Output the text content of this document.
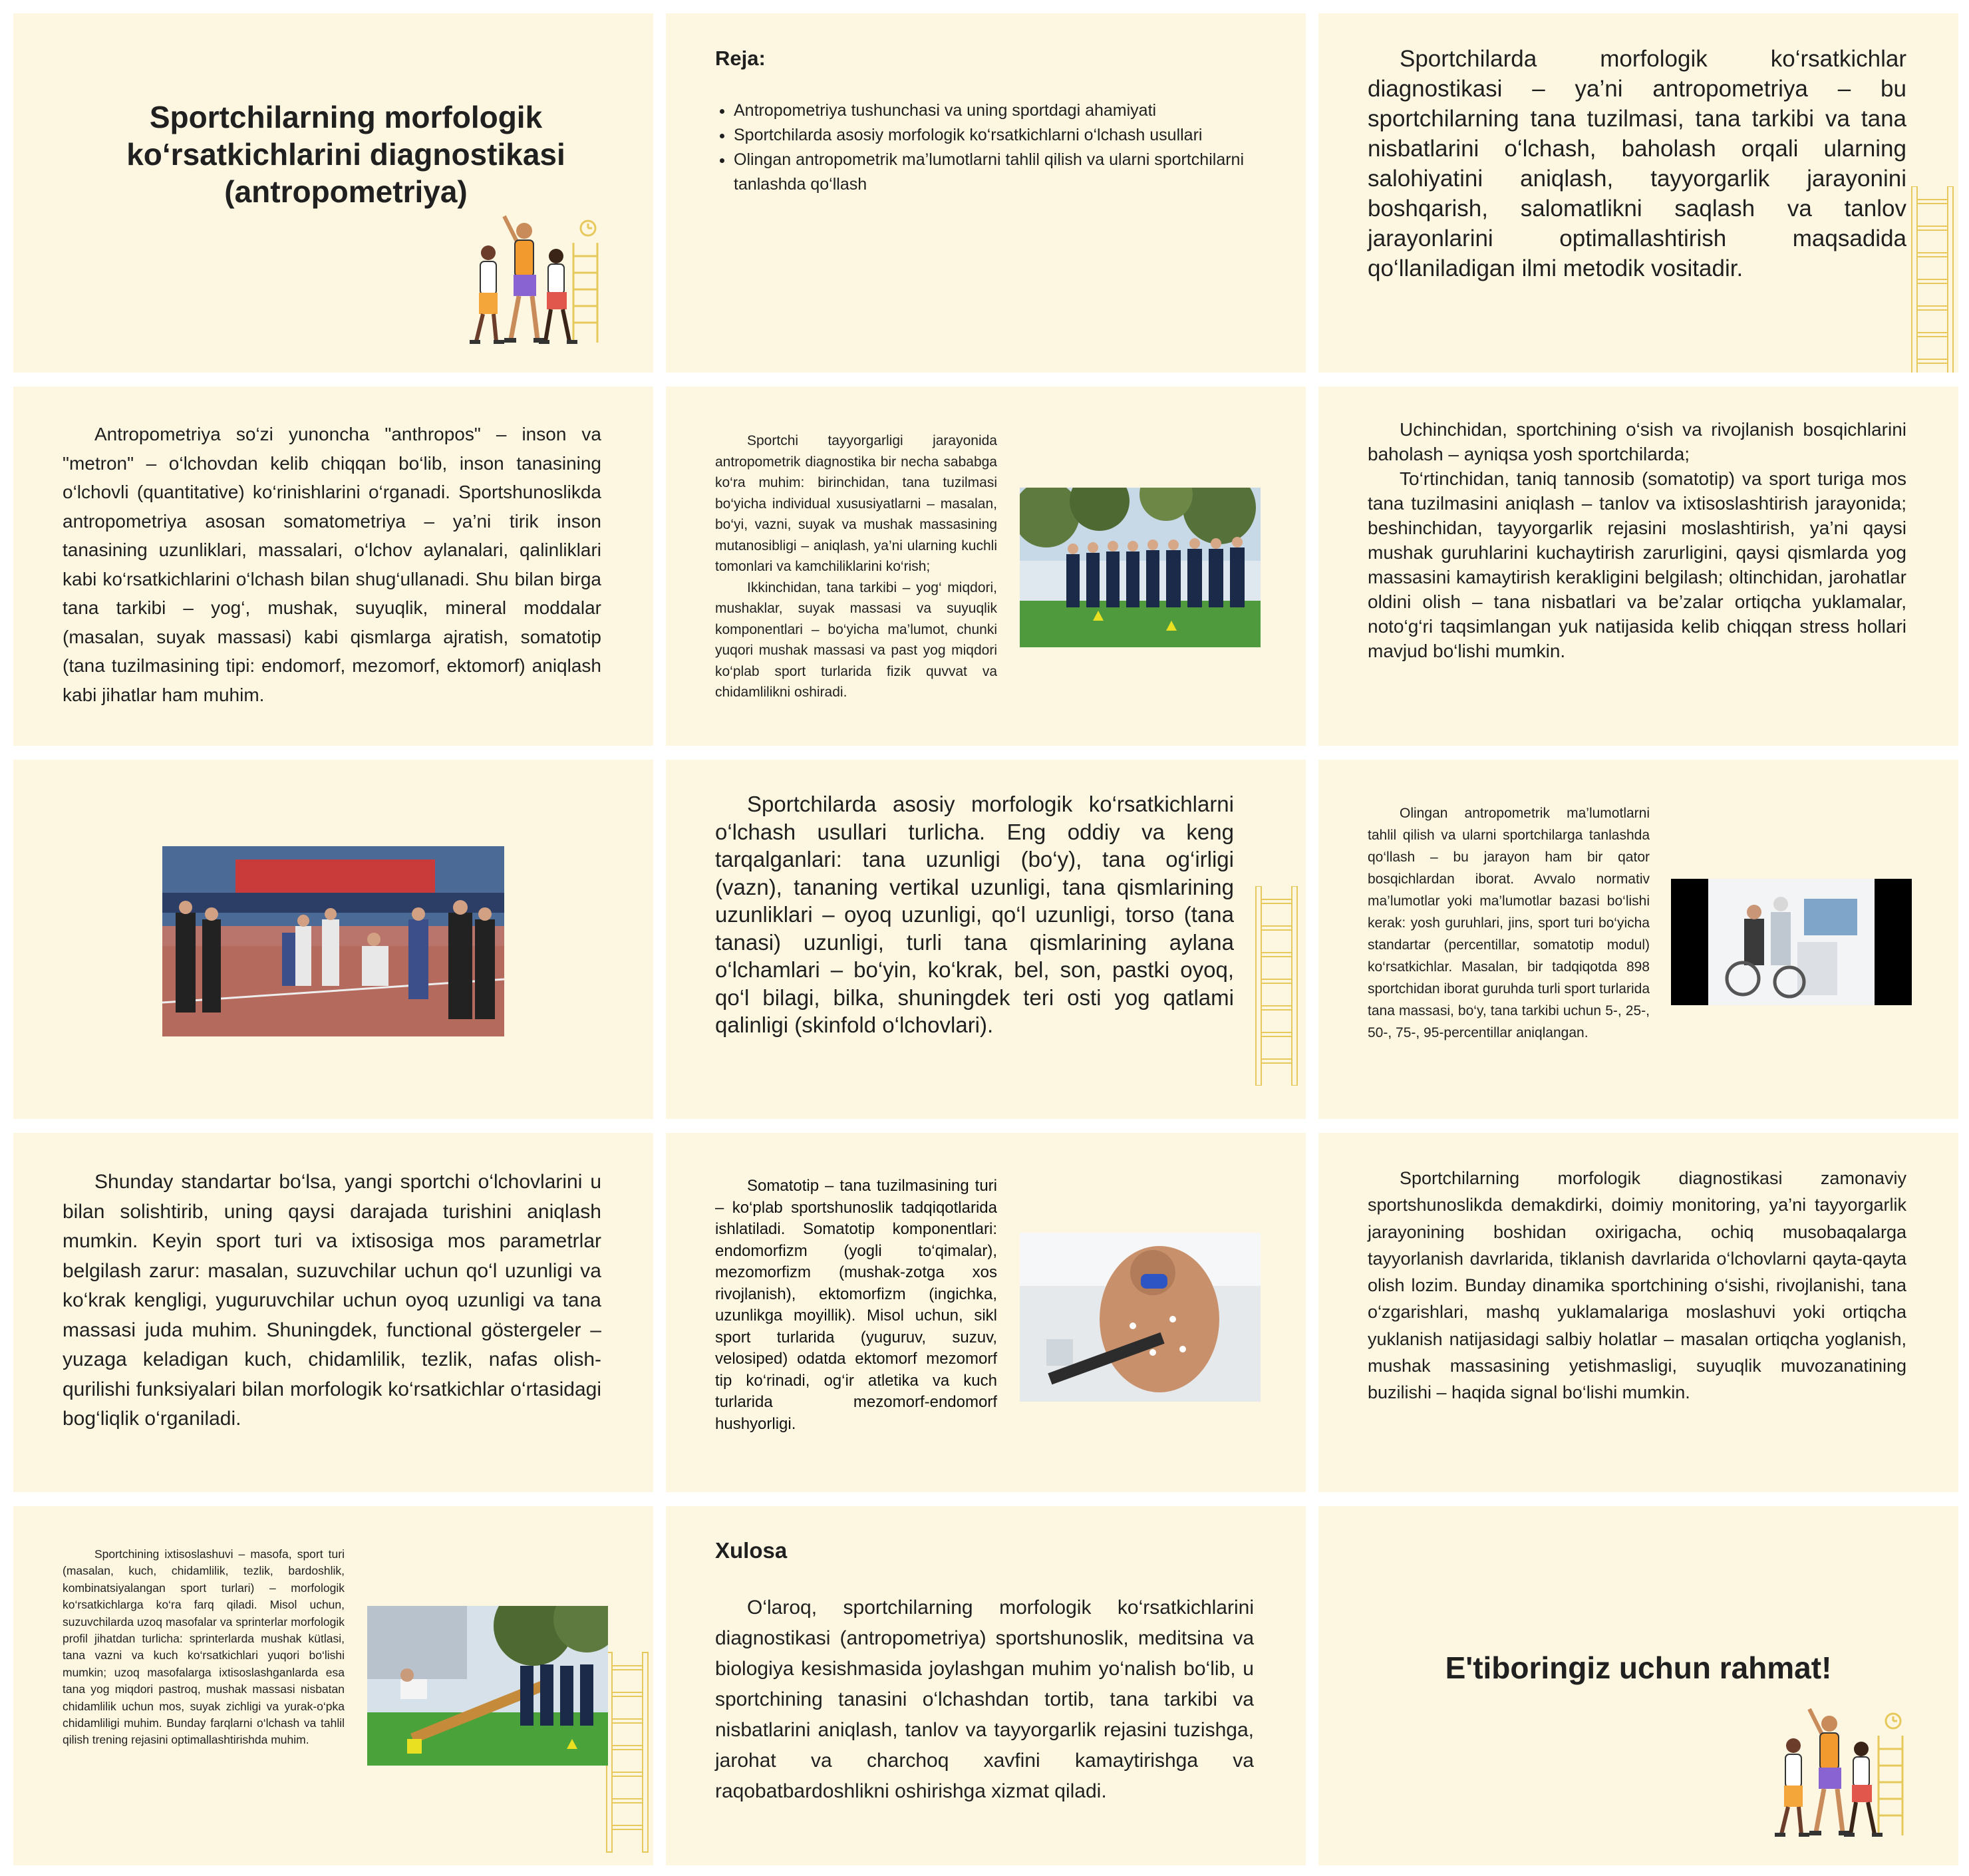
Sportchilarning morfologik ko‘rsatkichlarini diagnostikasi (antropometriya)
Reja:
• Antropometriya tushunchasi va uning sportdagi ahamiyati
• Sportchilarda asosiy morfologik ko‘rsatkichlarni o‘lchash usullari
• Olingan antropometrik ma’lumotlarni tahlil qilish va ularni sportchilarni tanlashda qo‘llash

Sportchilarda morfologik ko‘rsatkichlar diagnostikasi – ya’ni antropometriya – bu sportchilarning tana tuzilmasi, tana tarkibi va tana nisbatlarini o‘lchash, baholash orqali ularning salohiyatini aniqlash, tayyorgarlik jarayonini boshqarish, salomatlikni saqlash va tanlov jarayonlarini optimallashtirish maqsadida qo‘llaniladigan ilmi metodik vositadir.

Antropometriya so‘zi yunoncha "anthropos" – inson va "metron" – o‘lchovdan kelib chiqqan bo‘lib, inson tanasining o‘lchovli (quantitative) ko‘rinishlarini o‘rganadi. Sportshunoslikda antropometriya asosan somatometriya – ya’ni tirik inson tanasining uzunliklari, massalari, o‘lchov aylanalari, qalinliklari kabi ko‘rsatkichlarini o‘lchash bilan shug‘ullanadi. Shu bilan birga tana tarkibi – yog‘, mushak, suyuqlik, mineral moddalar (masalan, suyak massasi) kabi qismlarga ajratish, somatotip (tana tuzilmasining tipi: endomorf, mezomorf, ektomorf) aniqlash kabi jihatlar ham muhim.

Sportchi tayyorgarligi jarayonida antropometrik diagnostika bir necha sababga ko‘ra muhim: birinchidan, tana tuzilmasi bo‘yicha individual xususiyatlarni – masalan, bo‘yi, vazni, suyak va mushak massasining mutanosibligi – aniqlash, ya’ni ularning kuchli tomonlari va kamchiliklarini ko‘rish;

Ikkinchidan, tana tarkibi – yog‘ miqdori, mushaklar, suyak massasi va suyuqlik komponentlari – bo‘yicha ma’lumot, chunki yuqori mushak massasi va past yog miqdori ko‘plab sport turlarida fizik quvvat va chidamlilikni oshiradi.

Uchinchidan, sportchining o‘sish va rivojlanish bosqichlarini baholash – ayniqsa yosh sportchilarda;

To‘rtinchidan, taniq tannosib (somatotip) va sport turiga mos tana tuzilmasini aniqlash – tanlov va ixtisoslashtirish jarayonida; beshinchidan, tayyorgarlik rejasini moslashtirish, ya’ni qaysi mushak guruhlarini kuchaytirish zarurligini, qaysi qismlarda yog massasini kamaytirish kerakligini belgilash; oltinchidan, jarohatlar oldini olish – tana nisbatlari va be’zalar ortiqcha yuklamalar, noto‘g‘ri taqsimlangan yuk natijasida kelib chiqqan stress hollari mavjud bo‘lishi mumkin.

Sportchilarda asosiy morfologik ko‘rsatkichlarni o‘lchash usullari turlicha. Eng oddiy va keng tarqalganlari: tana uzunligi (bo‘y), tana og‘irligi (vazn), tananing vertikal uzunligi, tana qismlarining uzunliklari – oyoq uzunligi, qo‘l uzunligi, torso (tana tanasi) uzunligi, turli tana qismlarining aylana o‘lchamlari – bo‘yin, ko‘krak, bel, son, pastki oyoq, qo‘l bilagi, bilka, shuningdek teri osti yog qatlami qalinligi (skinfold o‘lchovlari).

Olingan antropometrik ma’lumotlarni tahlil qilish va ularni sportchilarga tanlashda qo‘llash – bu jarayon ham bir qator bosqichlardan iborat. Avvalo normativ ma’lumotlar yoki ma’lumotlar bazasi bo‘lishi kerak: yosh guruhlari, jins, sport turi bo‘yicha standartar (percentillar, somatotip modul) ko‘rsatkichlar. Masalan, bir tadqiqotda 898 sportchidan iborat guruhda turli sport turlarida tana massasi, bo‘y, tana tarkibi uchun 5-, 25-, 50-, 75-, 95-percentillar aniqlangan.

Shunday standartar bo‘lsa, yangi sportchi o‘lchovlarini u bilan solishtirib, uning qaysi darajada turishini aniqlash mumkin. Keyin sport turi va ixtisosiga mos parametrlar belgilash zarur: masalan, suzuvchilar uchun qo‘l uzunligi va ko‘krak kengligi, yuguruvchilar uchun oyoq uzunligi va tana massasi juda muhim. Shuningdek, functional göstergeler – yuzaga keladigan kuch, chidamlilik, tezlik, nafas olish-qurilishi funksiyalari bilan morfologik ko‘rsatkichlar o‘rtasidagi bog‘liqlik o‘rganiladi.

Somatotip – tana tuzilmasining turi – ko‘plab sportshunoslik tadqiqotlarida ishlatiladi. Somatotip komponentlari: endomorfizm (yogli to‘qimalar), mezomorfizm (mushak-zotga xos rivojlanish), ektomorfizm (ingichka, uzunlikga moyillik). Misol uchun, sikl sport turlarida (yuguruv, suzuv, velosiped) odatda ektomorf mezomorf tip ko‘rinadi, og‘ir atletika va kuch turlarida mezomorf-endomorf hushyorligi.

Sportchilarning morfologik diagnostikasi zamonaviy sportshunoslikda demakdirki, doimiy monitoring, ya’ni tayyorgarlik jarayonining boshidan oxirigacha, ochiq musobaqalarga tayyorlanish davrlarida, tiklanish davrlarida o‘lchovlarni qayta-qayta olish lozim. Bunday dinamika sportchining o‘sishi, rivojlanishi, tana o‘zgarishlari, mashq yuklamalariga moslashuvi yoki ortiqcha yuklanish natijasidagi salbiy holatlar – masalan ortiqcha yoglanish, mushak massasining yetishmasligi, suyuqlik muvozanatining buzilishi – haqida signal bo‘lishi mumkin.

Sportchining ixtisoslashuvi – masofa, sport turi (masalan, kuch, chidamlilik, tezlik, bardoshlik, kombinatsiyalangan sport turlari) – morfologik ko‘rsatkichlarga ko‘ra farq qiladi. Misol uchun, suzuvchilarda uzoq masofalar va sprinterlar morfologik profil jihatdan turlicha: sprinterlarda mushak kütlasi, tana vazni va kuch ko‘rsatkichlari yuqori bo‘lishi mumkin; uzoq masofalarga ixtisoslashganlarda esa tana yog miqdori pastroq, mushak massasi nisbatan chidamlilik uchun mos, suyak zichligi va yurak-o‘pka chidamliligi muhim. Bunday farqlarni o‘lchash va tahlil qilish trening rejasini optimallashtirishda muhim.

Xulosa

O‘laroq, sportchilarning morfologik ko‘rsatkichlarini diagnostikasi (antropometriya) sportshunoslik, meditsina va biologiya kesishmasida joylashgan muhim yo‘nalish bo‘lib, u sportchining tanasini o‘lchashdan tortib, tana tarkibi va nisbatlarini aniqlash, tanlov va tayyorgarlik rejasini tuzishga, jarohat va charchoq xavfini kamaytirishga va raqobatbardoshlikni oshirishga xizmat qiladi.

E'tiboringiz uchun rahmat!
